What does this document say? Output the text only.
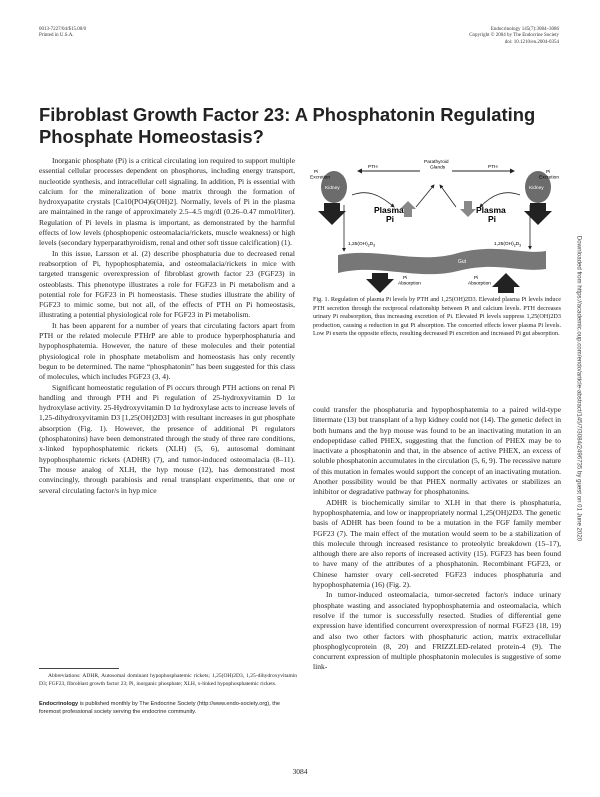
0013-7227/04/$15.00/0
Printed in U.S.A.
Endocrinology 145(7):3084–3086
Copyright © 2004 by The Endocrine Society
doi: 10.1210/en.2004-0354
Fibroblast Growth Factor 23: A Phosphatonin Regulating Phosphate Homeostasis?

Inorganic phosphate (Pi) is a critical circulating ion required to support multiple essential cellular processes dependent on phosphorus, including energy transport, nucleotide synthesis, and intracellular cell signaling. In addition, Pi is essential with calcium for the mineralization of bone matrix through the formation of hydroxyapatite crystals [Ca10(PO4)6(OH)2]. Normally, levels of Pi in the plasma are maintained in the range of approximately 2.5–4.5 mg/dl (0.26–0.47 mmol/liter). Regulation of Pi levels in plasma is important, as demonstrated by the harmful effects of low levels (phosphopenic osteomalacia/rickets, muscle weakness) or high levels (secondary hyperparathyroidism, renal and other soft tissue calcification) (1).

In this issue, Larsson et al. (2) describe phosphaturia due to decreased renal reabsorption of Pi, hypophosphatemia, and osteomalacia/rickets in mice with targeted transgenic overexpression of fibroblast growth factor 23 (FGF23) in osteoblasts. This phenotype illustrates a role for FGF23 in Pi metabolism and a potential role for FGF23 in Pi homeostasis. These studies illustrate the ability of FGF23 to mimic some, but not all, of the effects of PTH on Pi homeostasis, illustrating a potential physiological role for FGF23 in Pi metabolism.

It has been apparent for a number of years that circulating factors apart from PTH or the related molecule PTHrP are able to produce hyperphosphaturia and hypophosphatemia. However, the nature of these molecules and their potential physiological role in phosphate metabolism and homeostasis has only recently begun to be determined. The name “phosphatonin” has been suggested for this class of molecules, which includes FGF23 (3, 4).

Significant homeostatic regulation of Pi occurs through PTH actions on renal Pi handling and through PTH and Pi regulation of 25-hydroxyvitamin D 1α hydroxylase activity. 25-Hydroxyvitamin D 1α hydroxylase acts to increase levels of 1,25-dihydroxyvitamin D3 [1,25(OH)2D3] with resultant increases in gut phosphate absorption (Fig. 1). However, the presence of additional Pi regulators (phosphatonins) have been demonstrated through the study of three rare conditions, x-linked hypophosphatemic rickets (XLH) (5, 6), autosomal dominant hypophosphatemic rickets (ADHR) (7), and tumor-induced osteomalacia (8–11). The mouse analog of XLH, the hyp mouse (12), has demonstrated most convincingly, through parabiosis and renal transplant experiments, that one or several circulating factor/s in hyp mice

Abbreviations: ADHR, Autosomal dominant hypophosphatemic rickets; 1,25(OH)2D3, 1,25-dihydroxyvitamin D3; FGF23, fibroblast growth factor 23; Pi, inorganic phosphate; XLH, x-linked hypophosphatemic rickets.

Endocrinology is published monthly by The Endocrine Society (http://www.endo-society.org), the foremost professional society serving the endocrine community.

Gut
Kidney	Kidney
Pi Excretion
Pi Excretion
PTH	PTH
Parathyroid Glands
Plasma Pi
Plasma Pi
$1,25(OH)_2D_3$	$1,25(OH)_2D_3$
Pi Absorption
Pi Absorption

Fig. 1. Regulation of plasma Pi levels by PTH and 1,25(OH)2D3. Elevated plasma Pi levels induce PTH secretion through the reciprocal relationship between Pi and calcium levels. PTH decreases urinary Pi reabsorption, thus increasing excretion of Pi. Elevated Pi levels suppress 1,25(OH)2D3 production, causing a reduction in gut Pi absorption. The concerted effects lower plasma Pi levels. Low Pi exerts the opposite effects, resulting decreased Pi excretion and increased Pi gut absorption.

could transfer the phosphaturia and hypophosphatemia to a paired wild-type littermate (13) but transplant of a hyp kidney could not (14). The genetic defect in both humans and the hyp mouse was found to be an inactivating mutation in an endopeptidase called PHEX, suggesting that the function of PHEX may be to inactivate a phosphatonin and that, in the absence of active PHEX, an excess of soluble phosphatonin accumulates in the circulation (5, 6, 9). The recessive nature of this mutation in females would support the concept of an inactivating mutation. Another possibility would be that PHEX normally activates or stabilizes an inhibitor or degradative pathway for phosphatonins.

ADHR is biochemically similar to XLH in that there is phosphaturia, hypophosphatemia, and low or inappropriately normal 1,25(OH)2D3. The genetic basis of ADHR has been found to be a mutation in the FGF family member FGF23 (7). The main effect of the mutation would seem to be a stabilization of this molecule through increased resistance to proteolytic breakdown (15–17), although there are also reports of increased activity (15). FGF23 has been found to have many of the attributes of a phosphatonin. Recombinant FGF23, or Chinese hamster ovary cell-secreted FGF23 induces phosphaturia and hypophosphatemia (16) (Fig. 2).

In tumor-induced osteomalacia, tumor-secreted factor/s induce urinary phosphate wasting and associated hypophosphatemia and osteomalacia, which resolve if the tumor is successfully resected. Studies of differential gene expression have identified concurrent overexpression of normal FGF23 (18, 19) and also two other factors with phosphaturic action, matrix extracellular phosphoglycoprotein (8, 20) and FRIZZLED-related protein-4 (9). The concurrent expression of multiple phosphatonin molecules is suggestive of some link-

Downloaded from https://academic.oup.com/endo/article-abstract/145/7/3084/2496735 by guest on 01 June 2020
3084
